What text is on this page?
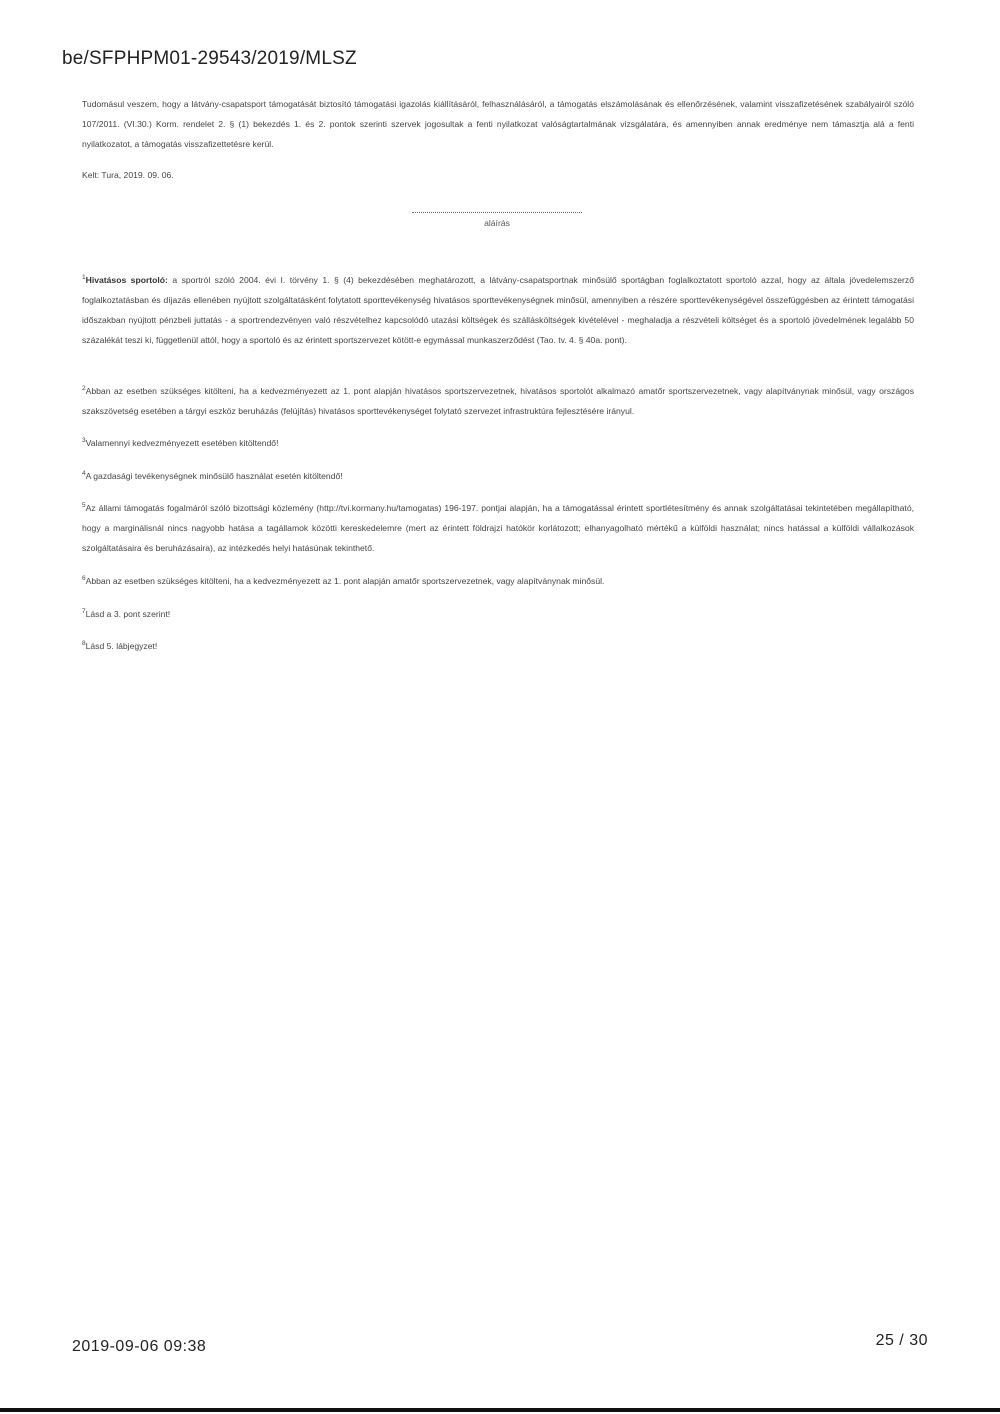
be/SFPHPM01-29543/2019/MLSZ
Tudomásul veszem, hogy a látvány-csapatsport támogatását biztosító támogatási igazolás kiállításáról, felhasználásáról, a támogatás elszámolásának és ellenőrzésének, valamint visszafizetésének szabályairól szóló 107/2011. (VI.30.) Korm. rendelet 2. § (1) bekezdés 1. és 2. pontok szerinti szervek jogosultak a fenti nyilatkozat valóságtartalmának vizsgálatára, és amennyiben annak eredménye nem támasztja alá a fenti nyilatkozatot, a támogatás visszafizettetésre kerül.
Kelt: Tura, 2019. 09. 06.
aláírás
$^1$Hivatásos sportoló: a sportról szóló 2004. évi I. törvény 1. § (4) bekezdésében meghatározott, a látvány-csapatsportnak minősülő sportágban foglalkoztatott sportoló azzal, hogy az általa jövedelemszerző foglalkoztatásban és díjazás ellenében nyújtott szolgáltatásként folytatott sporttevékenység hivatásos sporttevékenységnek minősül, amennyiben a részére sporttevékenységével összefüggésben az érintett támogatási időszakban nyújtott pénzbeli juttatás - a sportrendezvényen való részvételhez kapcsolódó utazási költségek és szállásköltségek kivételével - meghaladja a részvételi költséget és a sportoló jövedelmének legalább 50 százalékát teszi ki, függetlenül attól, hogy a sportoló és az érintett sportszervezet kötött-e egymással munkaszerződést (Tao. tv. 4. § 40a. pont).
$^2$Abban az esetben szükséges kitölteni, ha a kedvezményezett az 1. pont alapján hivatásos sportszervezetnek, hivatásos sportolót alkalmazó amatőr sportszervezetnek, vagy alapítványnak minősül, vagy országos szakszövetség esetében a tárgyi eszköz beruházás (felújítás) hivatásos sporttevékenységet folytató szervezet infrastruktúra fejlesztésére irányul.
$^3$Valamennyi kedvezményezett esetében kitöltendő!
$^4$A gazdasági tevékenységnek minősülő használat esetén kitöltendő!
$^5$Az állami támogatás fogalmáról szóló bizottsági közlemény (http://tvi.kormany.hu/tamogatas) 196-197. pontjai alapján, ha a támogatással érintett sportlétesítmény és annak szolgáltatásai tekintetében megállapítható, hogy a marginálisnál nincs nagyobb hatása a tagállamok közötti kereskedelemre (mert az érintett földrajzi hatókör korlátozott; elhanyagolható mértékű a külföldi használat; nincs hatással a külföldi vállalkozások szolgáltatásaira és beruházásaira), az intézkedés helyi hatásúnak tekinthető.
$^6$Abban az esetben szükséges kitölteni, ha a kedvezményezett az 1. pont alapján amatőr sportszervezetnek, vagy alapítványnak minősül.
$^7$Lásd a 3. pont szerint!
$^8$Lásd 5. lábjegyzet!
2019-09-06 09:38	25 / 30
